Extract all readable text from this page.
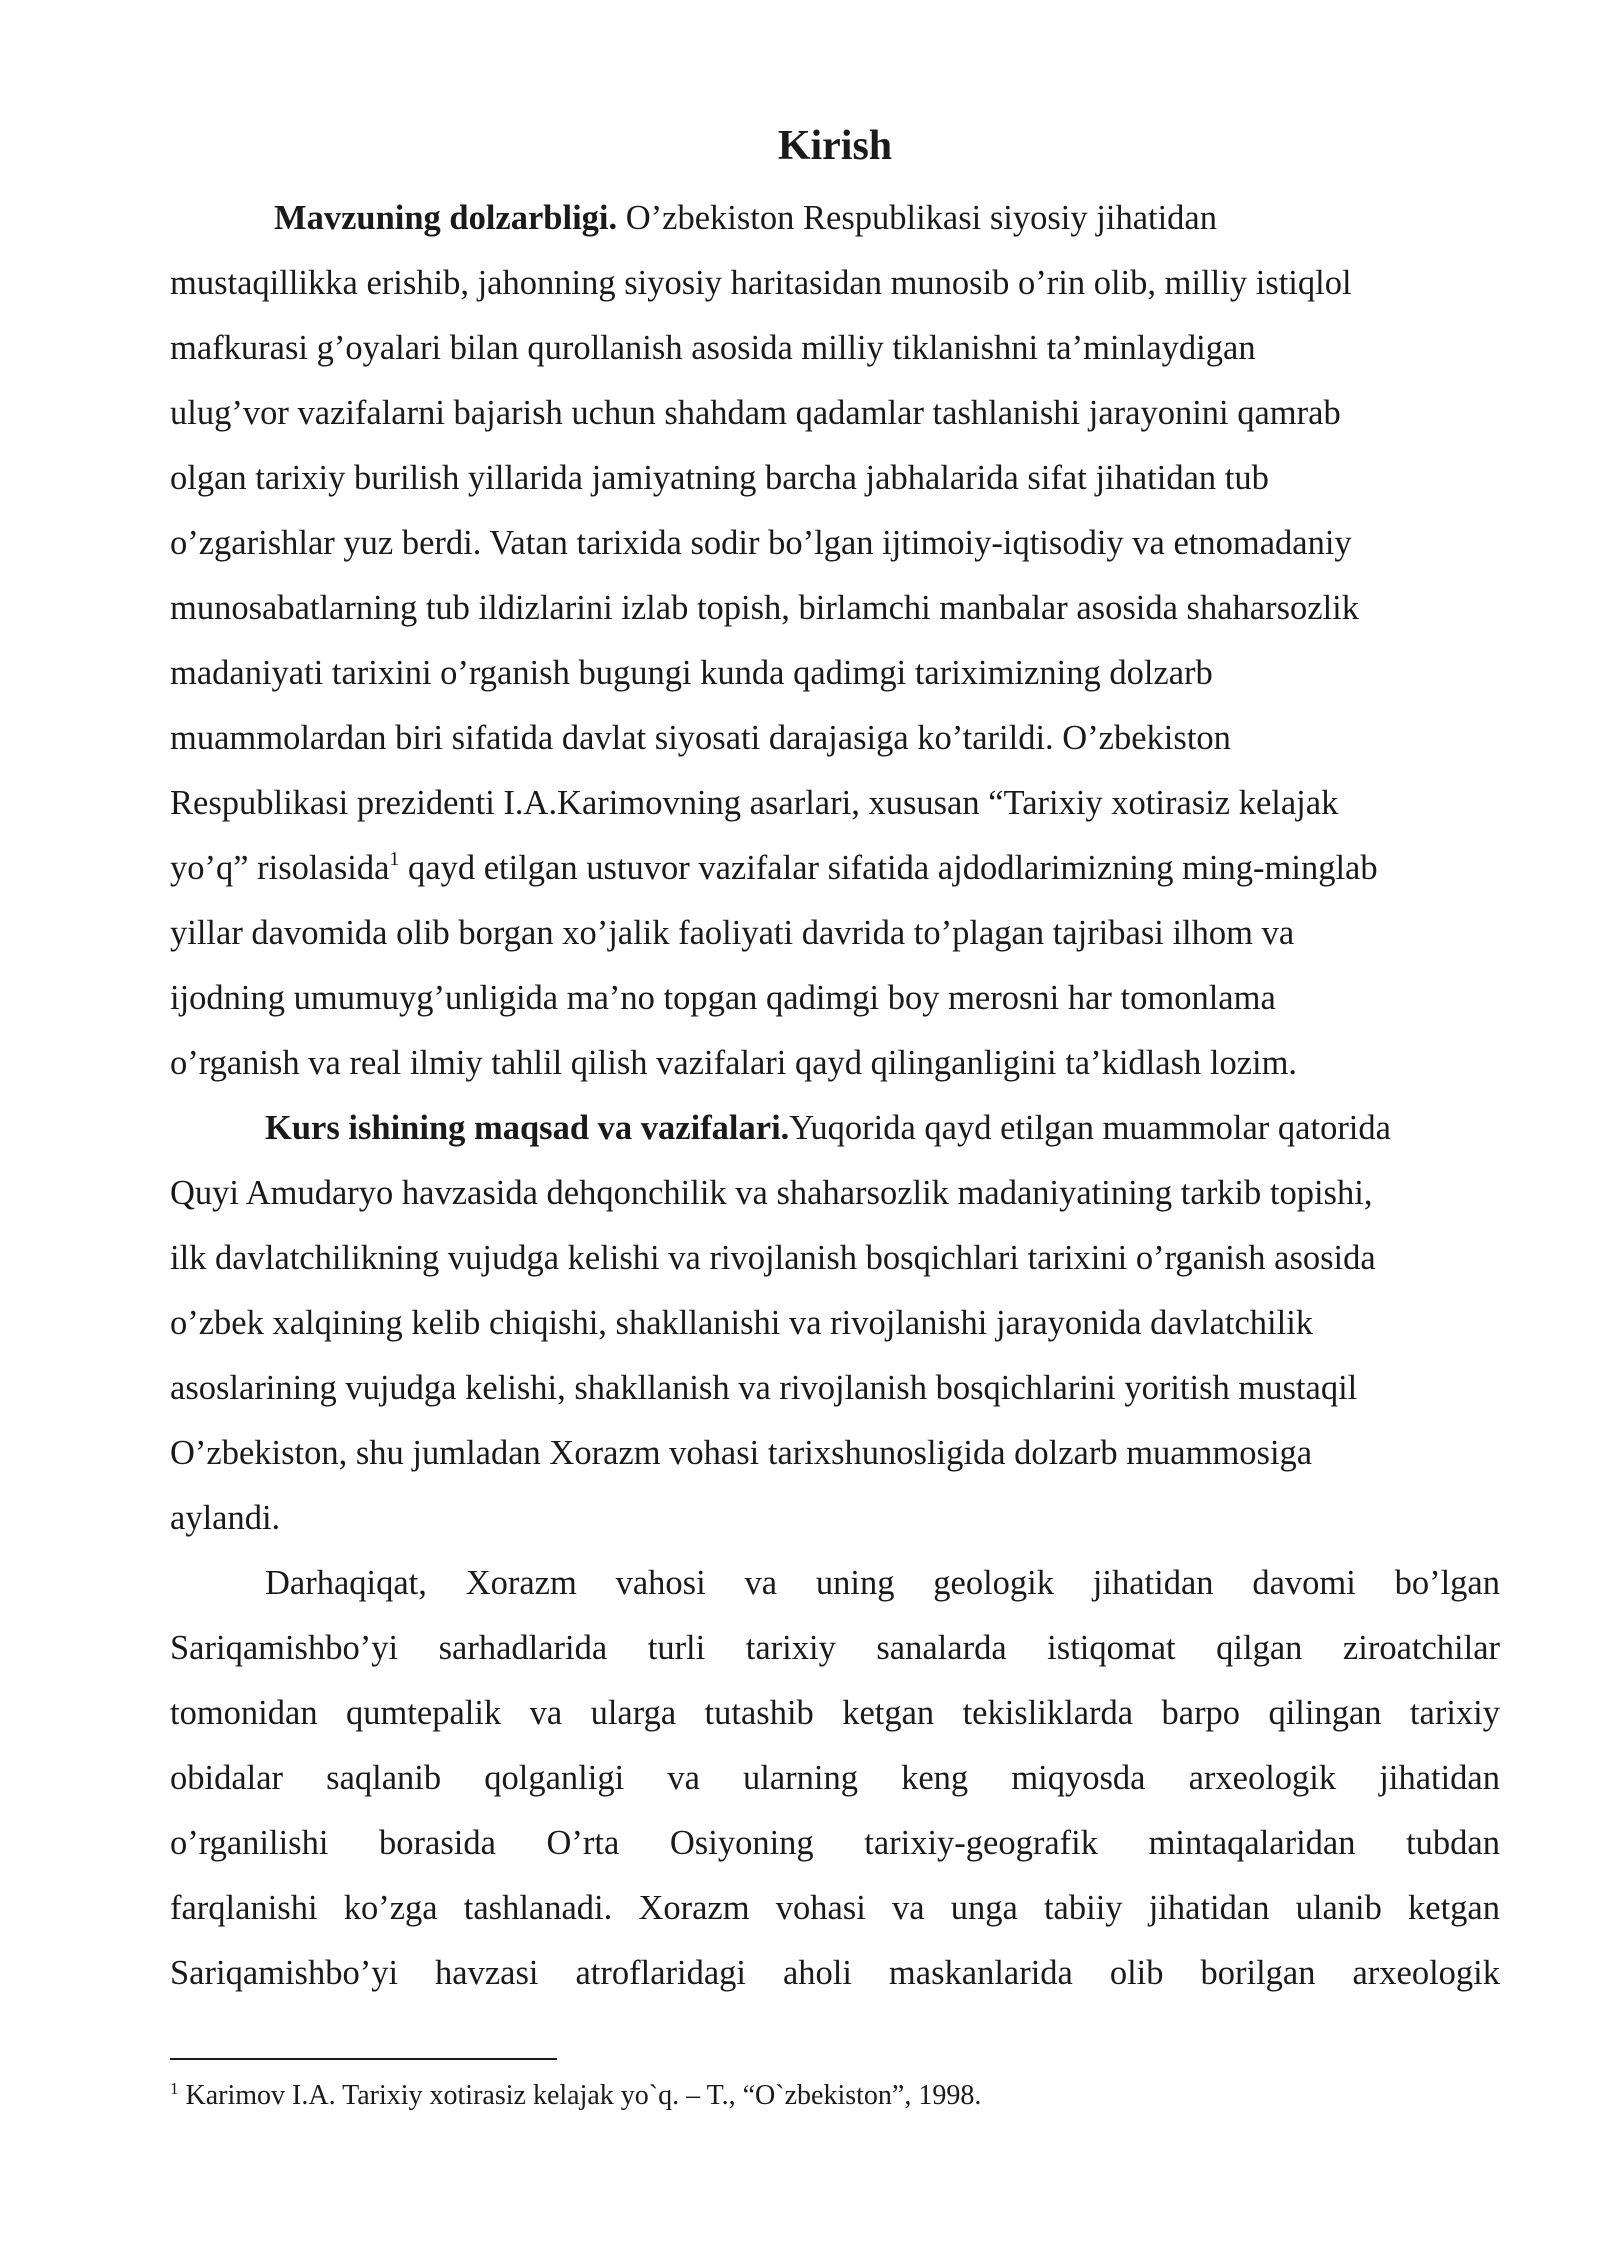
Kirish
Mavzuning dolzarbligi. O’zbekiston Respublikasi siyosiy jihatidan
mustaqillikka erishib, jahonning siyosiy haritasidan munosib o’rin olib, milliy istiqlol
mafkurasi g’oyalari bilan qurollanish asosida milliy tiklanishni ta’minlaydigan
ulug’vor vazifalarni bajarish uchun shahdam qadamlar tashlanishi jarayonini qamrab
olgan tarixiy burilish yillarida jamiyatning barcha jabhalarida sifat jihatidan tub
o’zgarishlar yuz berdi. Vatan tarixida sodir bo’lgan ijtimoiy-iqtisodiy va etnomadaniy
munosabatlarning tub ildizlarini izlab topish, birlamchi manbalar asosida shaharsozlik
madaniyati tarixini o’rganish bugungi kunda qadimgi tariximizning dolzarb
muammolardan biri sifatida davlat siyosati darajasiga ko’tarildi. O’zbekiston
Respublikasi prezidenti I.A.Karimovning asarlari, xususan “Tarixiy xotirasiz kelajak
yo’q” risolasida$^1$ qayd etilgan ustuvor vazifalar sifatida ajdodlarimizning ming-minglab
yillar davomida olib borgan xo’jalik faoliyati davrida to’plagan tajribasi ilhom va
ijodning umumuyg’unligida ma’no topgan qadimgi boy merosni har tomonlama
o’rganish va real ilmiy tahlil qilish vazifalari qayd qilinganligini ta’kidlash lozim.
Kurs ishining maqsad va vazifalari.Yuqorida qayd etilgan muammolar qatorida
Quyi Amudaryo havzasida dehqonchilik va shaharsozlik madaniyatining tarkib topishi,
ilk davlatchilikning vujudga kelishi va rivojlanish bosqichlari tarixini o’rganish asosida
o’zbek xalqining kelib chiqishi, shakllanishi va rivojlanishi jarayonida davlatchilik
asoslarining vujudga kelishi, shakllanish va rivojlanish bosqichlarini yoritish mustaqil
O’zbekiston, shu jumladan Xorazm vohasi tarixshunosligida dolzarb muammosiga
aylandi.
Darhaqiqat, Xorazm vahosi va uning geologik jihatidan davomi bo’lgan
Sariqamishbo’yi sarhadlarida turli tarixiy sanalarda istiqomat qilgan ziroatchilar
tomonidan qumtepalik va ularga tutashib ketgan tekisliklarda barpo qilingan tarixiy
obidalar saqlanib qolganligi va ularning keng miqyosda arxeologik jihatidan
o’rganilishi borasida O’rta Osiyoning tarixiy-geografik mintaqalaridan tubdan
farqlanishi ko’zga tashlanadi. Xorazm vohasi va unga tabiiy jihatidan ulanib ketgan
Sariqamishbo’yi havzasi atroflaridagi aholi maskanlarida olib borilgan arxeologik
$^1$ Karimov I.A. Tarixiy xotirasiz kelajak yo`q. – T., “O`zbekiston”, 1998.
